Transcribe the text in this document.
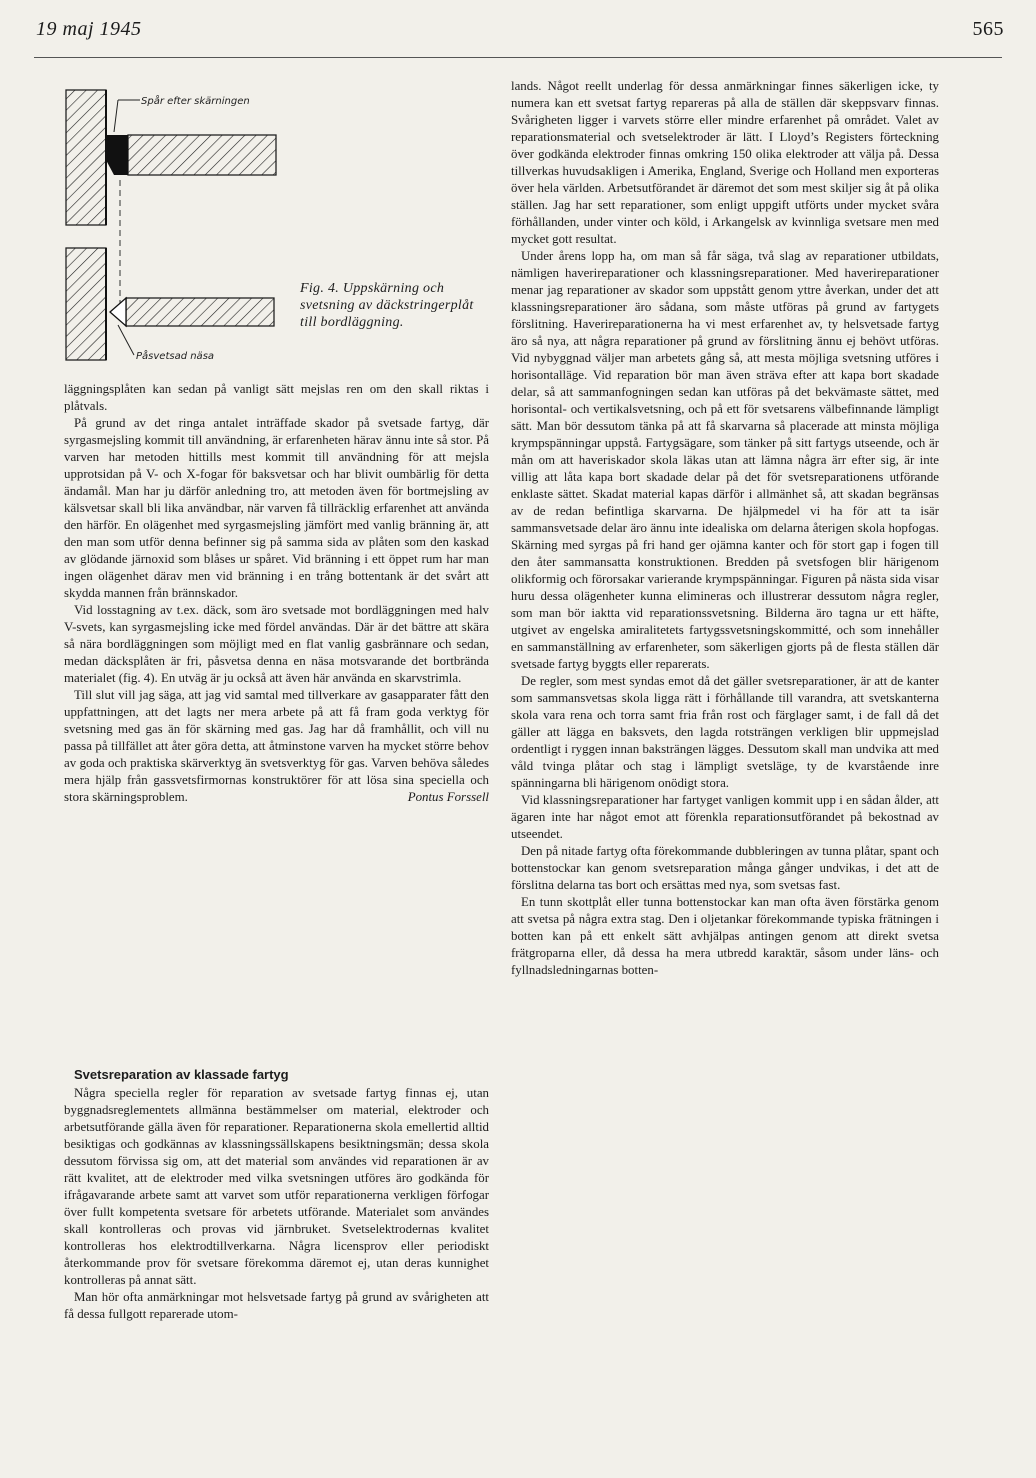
19 maj 1945	565
Spår efter skärningen
Påsvetsad näsa
Fig. 4. Uppskärning och svetsning av däckstringerplåt till bordläggning.

läggningsplåten kan sedan på vanligt sätt mejslas ren om den skall riktas i plåtvals.

På grund av det ringa antalet inträffade skador på svetsade fartyg, där syrgasmejsling kommit till användning, är erfarenheten härav ännu inte så stor. På varven har metoden hittills mest kommit till användning för att mejsla upprotsidan på V- och X-fogar för baksvetsar och har blivit oumbärlig för detta ändamål. Man har ju därför anledning tro, att metoden även för bortmejsling av kälsvetsar skall bli lika användbar, när varven få tillräcklig erfarenhet att använda den härför. En olägenhet med syrgasmejsling jämfört med vanlig bränning är, att den man som utför denna befinner sig på samma sida av plåten som den kaskad av glödande järnoxid som blåses ur spåret. Vid bränning i ett öppet rum har man ingen olägenhet därav men vid bränning i en trång bottentank är det svårt att skydda mannen från brännskador.

Vid losstagning av t.ex. däck, som äro svetsade mot bordläggningen med halv V-svets, kan syrgasmejsling icke med fördel användas. Där är det bättre att skära så nära bordläggningen som möjligt med en flat vanlig gasbrännare och sedan, medan däcksplåten är fri, påsvetsa denna en näsa motsvarande det bortbrända materialet (fig. 4). En utväg är ju också att även här använda en skarvstrimla.

Till slut vill jag säga, att jag vid samtal med tillverkare av gasapparater fått den uppfattningen, att det lagts ner mera arbete på att få fram goda verktyg för svetsning med gas än för skärning med gas. Jag har då framhållit, och vill nu passa på tillfället att åter göra detta, att åtminstone varven ha mycket större behov av goda och praktiska skärverktyg än svetsverktyg för gas. Varven behöva således mera hjälp från gassvetsfirmornas konstruktörer för att lösa sina speciella och stora skärningsproblem.	Pontus Forssell

Svetsreparation av klassade fartyg

Några speciella regler för reparation av svetsade fartyg finnas ej, utan byggnadsreglementets allmänna bestämmelser om material, elektroder och arbetsutförande gälla även för reparationer. Reparationerna skola emellertid alltid besiktigas och godkännas av klassningssällskapens besiktningsmän; dessa skola dessutom förvissa sig om, att det material som användes vid reparationen är av rätt kvalitet, att de elektroder med vilka svetsningen utföres äro godkända för ifrågavarande arbete samt att varvet som utför reparationerna verkligen förfogar över fullt kompetenta svetsare för arbetets utförande. Materialet som användes skall kontrolleras och provas vid järnbruket. Svetselektrodernas kvalitet kontrolleras hos elektrodtillverkarna. Några licensprov eller periodiskt återkommande prov för svetsare förekomma däremot ej, utan deras kunnighet kontrolleras på annat sätt.

Man hör ofta anmärkningar mot helsvetsade fartyg på grund av svårigheten att få dessa fullgott reparerade utom-

lands. Något reellt underlag för dessa anmärkningar finnes säkerligen icke, ty numera kan ett svetsat fartyg repareras på alla de ställen där skeppsvarv finnas. Svårigheten ligger i varvets större eller mindre erfarenhet på området. Valet av reparationsmaterial och svetselektroder är lätt. I Lloyd’s Registers förteckning över godkända elektroder finnas omkring 150 olika elektroder att välja på. Dessa tillverkas huvudsakligen i Amerika, England, Sverige och Holland men exporteras över hela världen. Arbetsutförandet är däremot det som mest skiljer sig åt på olika ställen. Jag har sett reparationer, som enligt uppgift utförts under mycket svåra förhållanden, under vinter och köld, i Arkangelsk av kvinnliga svetsare men med mycket gott resultat.

Under årens lopp ha, om man så får säga, två slag av reparationer utbildats, nämligen haverireparationer och klassningsreparationer. Med haverireparationer menar jag reparationer av skador som uppstått genom yttre åverkan, under det att klassningsreparationer äro sådana, som måste utföras på grund av fartygets förslitning. Haverireparationerna ha vi mest erfarenhet av, ty helsvetsade fartyg äro så nya, att några reparationer på grund av förslitning ännu ej behövt utföras. Vid nybyggnad väljer man arbetets gång så, att mesta möjliga svetsning utföres i horisontalläge. Vid reparation bör man även sträva efter att kapa bort skadade delar, så att sammanfogningen sedan kan utföras på det bekvämaste sättet, med horisontal- och vertikalsvetsning, och på ett för svetsarens välbefinnande lämpligt sätt. Man bör dessutom tänka på att få skarvarna så placerade att minsta möjliga krympspänningar uppstå. Fartygsägare, som tänker på sitt fartygs utseende, och är mån om att haveriskador skola läkas utan att lämna några ärr efter sig, är inte villig att låta kapa bort skadade delar på det för svetsreparationens utförande enklaste sättet. Skadat material kapas därför i allmänhet så, att skadan begränsas av de redan befintliga skarvarna. De hjälpmedel vi ha för att ta isär sammansvetsade delar äro ännu inte idealiska om delarna återigen skola hopfogas. Skärning med syrgas på fri hand ger ojämna kanter och för stort gap i fogen till den åter sammansatta konstruktionen. Bredden på svetsfogen blir härigenom olikformig och förorsakar varierande krympspänningar. Figuren på nästa sida visar huru dessa olägenheter kunna elimineras och illustrerar dessutom några regler, som man bör iaktta vid reparationssvetsning. Bilderna äro tagna ur ett häfte, utgivet av engelska amiralitetets fartygssvetsningskommitté, och som innehåller en sammanställning av erfarenheter, som säkerligen gjorts på de flesta ställen där svetsade fartyg byggts eller reparerats.

De regler, som mest syndas emot då det gäller svetsreparationer, är att de kanter som sammansvetsas skola ligga rätt i förhållande till varandra, att svetskanterna skola vara rena och torra samt fria från rost och färglager samt, i de fall då det gäller att lägga en baksvets, den lagda rotsträngen verkligen blir uppmejslad ordentligt i ryggen innan baksträngen lägges. Dessutom skall man undvika att med våld tvinga plåtar och stag i lämpligt svetsläge, ty de kvarstående inre spänningarna bli härigenom onödigt stora.

Vid klassningsreparationer har fartyget vanligen kommit upp i en sådan ålder, att ägaren inte har något emot att förenkla reparationsutförandet på bekostnad av utseendet.

Den på nitade fartyg ofta förekommande dubbleringen av tunna plåtar, spant och bottenstockar kan genom svetsreparation många gånger undvikas, i det att de förslitna delarna tas bort och ersättas med nya, som svetsas fast.

En tunn skottplåt eller tunna bottenstockar kan man ofta även förstärka genom att svetsa på några extra stag. Den i oljetankar förekommande typiska frätningen i botten kan på ett enkelt sätt avhjälpas antingen genom att direkt svetsa frätgroparna eller, då dessa ha mera utbredd karaktär, såsom under läns- och fyllnadsledningarnas botten-
